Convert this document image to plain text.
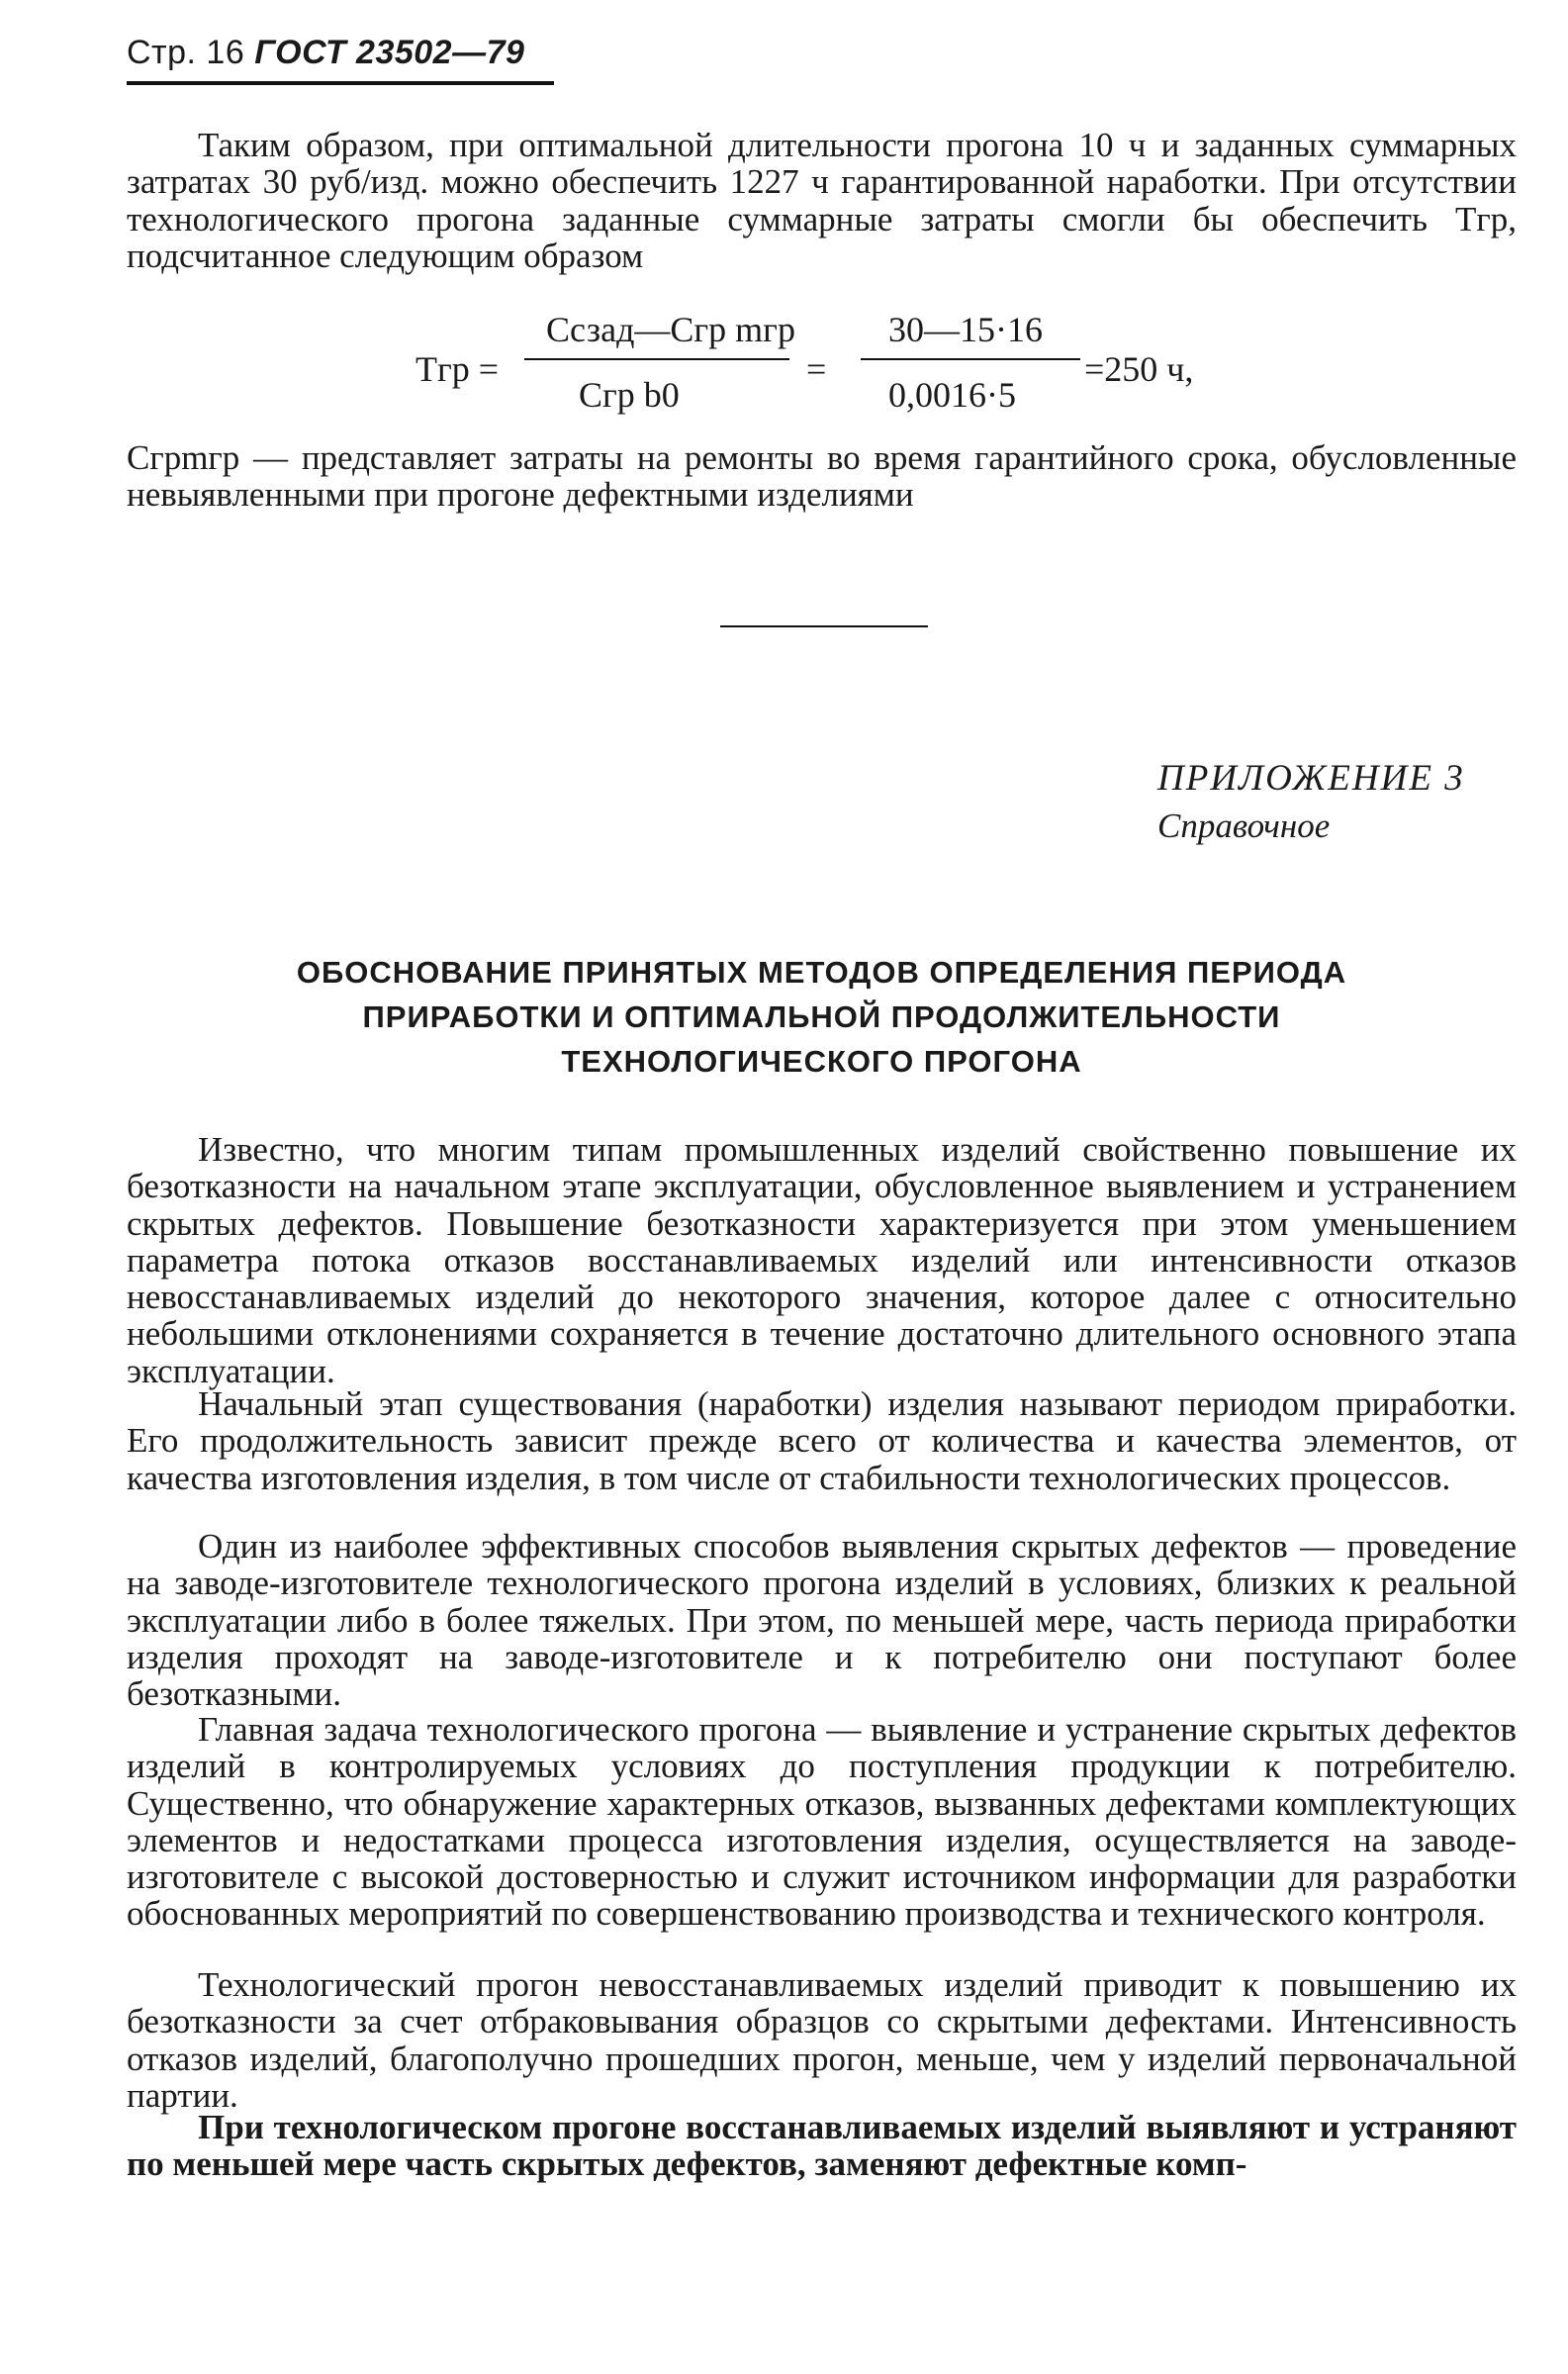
Стр. 16 ГОСТ 23502—79

Таким образом, при оптимальной длительности прогона 10 ч и заданных суммарных затратах 30 руб/изд. можно обеспечить 1227 ч гарантированной наработки. При отсутствии технологического прогона заданные суммарные затраты смогли бы обеспечить Tгр, подсчитанное следующим образом

Tгр =
Cсзад—Cгр mгр
Cгр b0
=
30—15·16
0,0016·5
=250 ч,

Cгрmгр — представляет затраты на ремонты во время гарантийного срока, обусловленные невыявленными при прогоне дефектными изделиями

ПРИЛОЖЕНИЕ 3
Справочное
ОБОСНОВАНИЕ ПРИНЯТЫХ МЕТОДОВ ОПРЕДЕЛЕНИЯ ПЕРИОДА
ПРИРАБОТКИ И ОПТИМАЛЬНОЙ ПРОДОЛЖИТЕЛЬНОСТИ
ТЕХНОЛОГИЧЕСКОГО ПРОГОНА

Известно, что многим типам промышленных изделий свойственно повышение их безотказности на начальном этапе эксплуатации, обусловленное выявлением и устранением скрытых дефектов. Повышение безотказности характеризуется при этом уменьшением параметра потока отказов восстанавливаемых изделий или интенсивности отказов невосстанавливаемых изделий до некоторого значения, которое далее с относительно небольшими отклонениями сохраняется в течение достаточно длительного основного этапа эксплуатации.

Начальный этап существования (наработки) изделия называют периодом приработки. Его продолжительность зависит прежде всего от количества и качества элементов, от качества изготовления изделия, в том числе от стабильности технологических процессов.

Один из наиболее эффективных способов выявления скрытых дефектов — проведение на заводе-изготовителе технологического прогона изделий в условиях, близких к реальной эксплуатации либо в более тяжелых. При этом, по меньшей мере, часть периода приработки изделия проходят на заводе-изготовителе и к потребителю они поступают более безотказными.

Главная задача технологического прогона — выявление и устранение скрытых дефектов изделий в контролируемых условиях до поступления продукции к потребителю. Существенно, что обнаружение характерных отказов, вызванных дефектами комплектующих элементов и недостатками процесса изготовления изделия, осуществляется на заводе-изготовителе с высокой достоверностью и служит источником информации для разработки обоснованных мероприятий по совершенствованию производства и технического контроля.

Технологический прогон невосстанавливаемых изделий приводит к повышению их безотказности за счет отбраковывания образцов со скрытыми дефектами. Интенсивность отказов изделий, благополучно прошедших прогон, меньше, чем у изделий первоначальной партии.

При технологическом прогоне восстанавливаемых изделий выявляют и устраняют по меньшей мере часть скрытых дефектов, заменяют дефектные комп-
